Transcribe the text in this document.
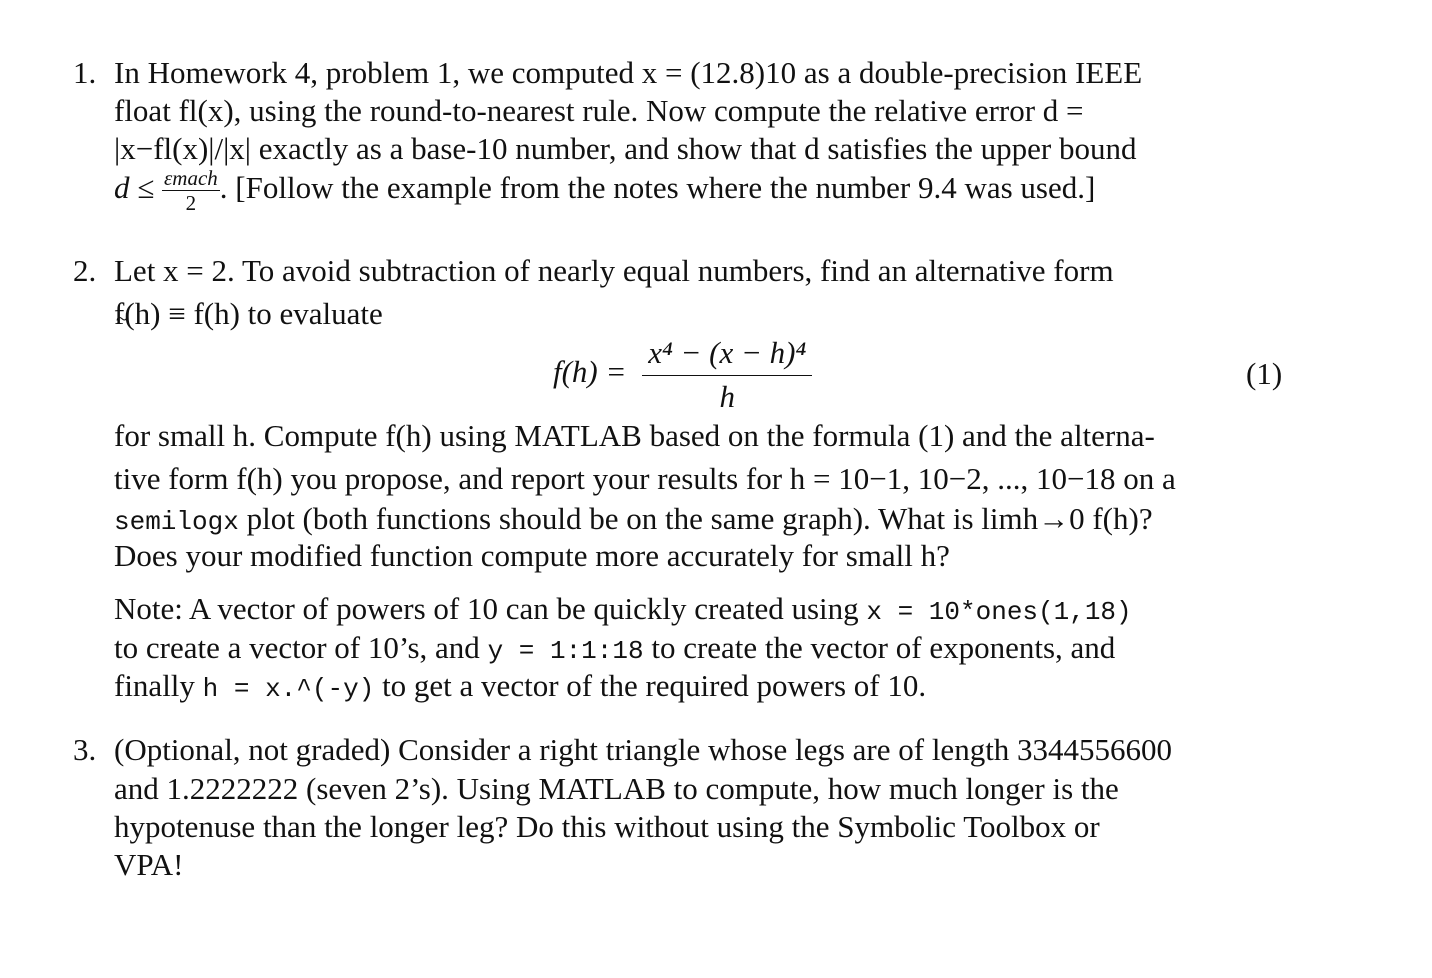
1. In Homework 4, problem 1, we computed x = (12.8)10 as a double-precision IEEE
float fl(x), using the round-to-nearest rule. Now compute the relative error d =
|x−fl(x)|/|x| exactly as a base-10 number, and show that d satisfies the upper bound
$d \le \frac{\text{εmach}}{2}$ . [Follow the example from the notes where the number 9.4 was used.]
2. Let x = 2. To avoid subtraction of nearly equal numbers, find an alternative form
f(h) ≡ f(h) to evaluate
$f(h) = \frac{\text{x⁴ − (x − h)⁴}}{h}$	(1)
for small h. Compute f(h) using MATLAB based on the formula (1) and the alterna-
tive form f(h) you propose, and report your results for h = 10−1, 10−2, ..., 10−18 on a
semilogx plot (both functions should be on the same graph). What is limh→0 f(h)?
Does your modified function compute more accurately for small h?
Note: A vector of powers of 10 can be quickly created using x = 10*ones(1,18)
to create a vector of 10’s, and y = 1:1:18 to create the vector of exponents, and
finally h = x.^(-y) to get a vector of the required powers of 10.
3. (Optional, not graded) Consider a right triangle whose legs are of length 3344556600
and 1.2222222 (seven 2’s). Using MATLAB to compute, how much longer is the
hypotenuse than the longer leg? Do this without using the Symbolic Toolbox or
VPA!
